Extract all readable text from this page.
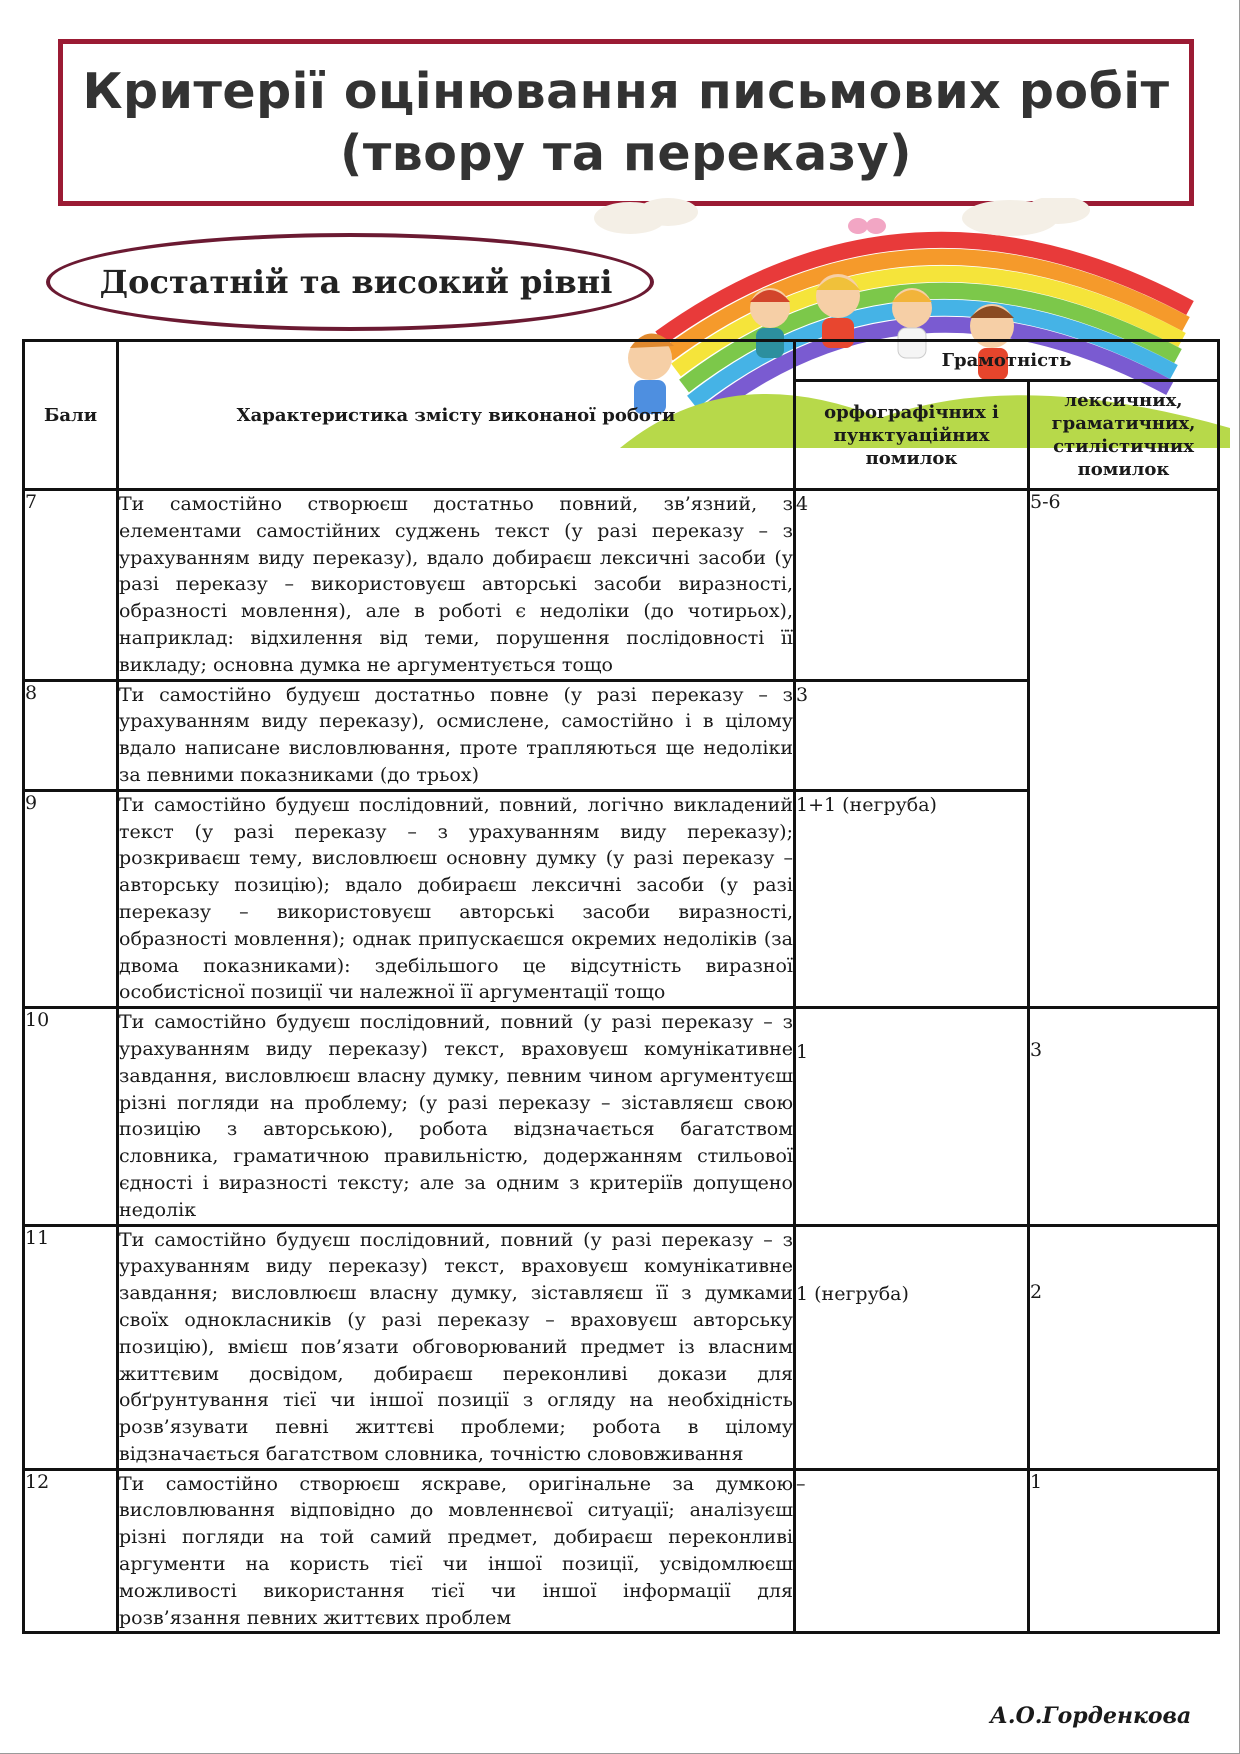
Критерії оцінювання письмових робіт
(твору та переказу)
Достатній та високий рівні
Бали	Характеристика змісту виконаної роботи	Грамотність	
		орфографічних і пунктуаційних помилок	лексичних, граматичних, стилістичних помилок
7	Ти самостійно створюєш достатньо повний, зв’язний, з елементами самостійних суджень текст (у разі переказу – з урахуванням виду переказу), вдало добираєш лексичні засоби (у разі переказу – використовуєш авторські засоби виразності, образності мовлення), але в роботі є недоліки (до чотирьох), наприклад: відхилення від теми, порушення послідовності її викладу; основна думка не аргументується тощо	4	5-6
8	Ти самостійно будуєш достатньо повне (у разі переказу – з урахуванням виду переказу), осмислене, самостійно і в цілому вдало написане висловлювання, проте трапляються ще недоліки за певними показниками (до трьох)	3	
9	Ти самостійно будуєш послідовний, повний, логічно викладений текст (у разі переказу – з урахуванням виду переказу); розкриваєш тему, висловлюєш основну думку (у разі переказу – авторську позицію); вдало добираєш лексичні засоби (у разі переказу – використовуєш авторські засоби виразності, образності мовлення); однак припускаєшся окремих недоліків (за двома показниками): здебільшого це відсутність виразної особистісної позиції чи належної її аргументації тощо	1+1 (негруба)	
10	Ти самостійно будуєш послідовний, повний (у разі переказу – з урахуванням виду переказу) текст, враховуєш комунікативне завдання, висловлюєш власну думку, певним чином аргументуєш різні погляди на проблему; (у разі переказу – зіставляєш свою позицію з авторською), робота відзначається багатством словника, граматичною правильністю, додержанням стильової єдності і виразності тексту; але за одним з критеріїв допущено недолік	1	3
11	Ти самостійно будуєш послідовний, повний (у разі переказу – з урахуванням виду переказу) текст, враховуєш комунікативне завдання; висловлюєш власну думку, зіставляєш її з думками своїх однокласників (у разі переказу – враховуєш авторську позицію), вмієш пов’язати обговорюваний предмет із власним життєвим досвідом, добираєш переконливі докази для обґрунтування тієї чи іншої позиції з огляду на необхідність розв’язувати певні життєві проблеми; робота в цілому відзначається багатством словника, точністю слововживання	1 (негруба)	2
12	Ти самостійно створюєш яскраве, оригінальне за думкою висловлювання відповідно до мовленнєвої ситуації; аналізуєш різні погляди на той самий предмет, добираєш переконливі аргументи на користь тієї чи іншої позиції, усвідомлюєш можливості використання тієї чи іншої інформації для розв’язання певних життєвих проблем	–	1
А.О.Горденкова
